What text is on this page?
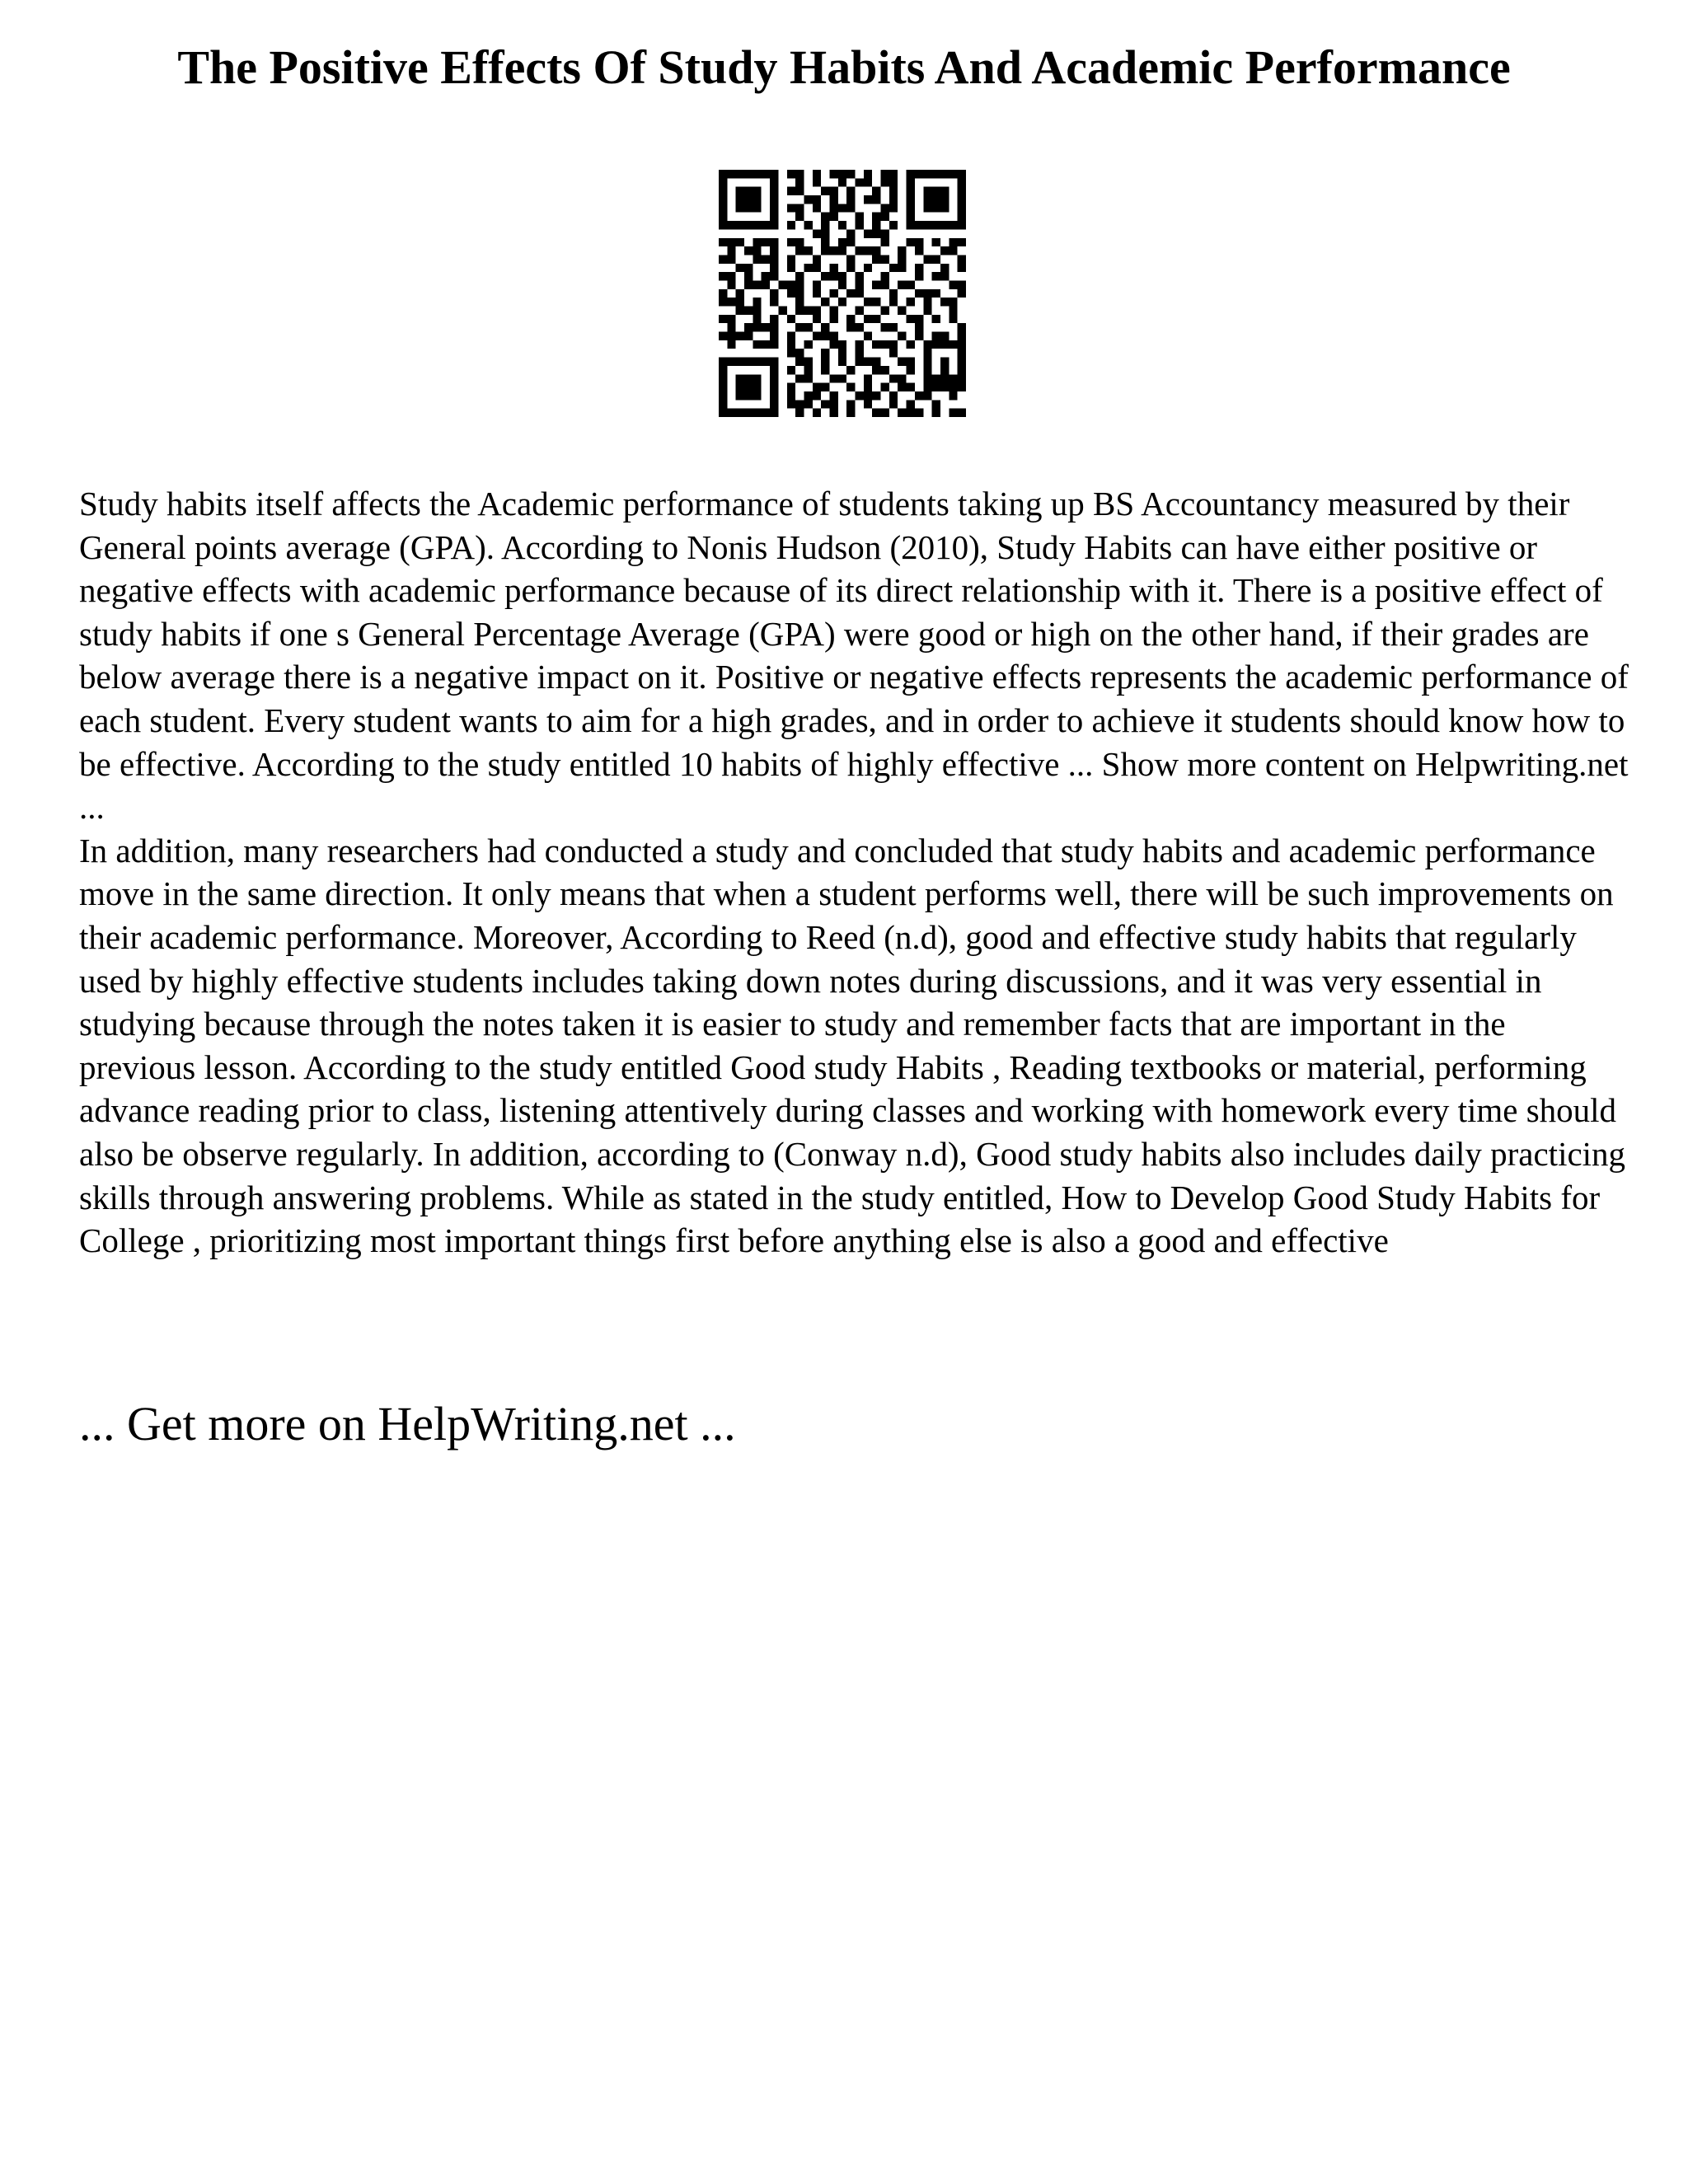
The Positive Effects Of Study Habits And Academic Performance

Study habits itself affects the Academic performance of students taking up BS Accountancy measured by their General points average (GPA). According to Nonis Hudson (2010), Study Habits can have either positive or negative effects with academic performance because of its direct relationship with it. There is a positive effect of study habits if one s General Percentage Average (GPA) were good or high on the other hand, if their grades are below average there is a negative impact on it. Positive or negative effects represents the academic performance of each student. Every student wants to aim for a high grades, and in order to achieve it students should know how to be effective. According to the study entitled 10 habits of highly effective ... Show more content on Helpwriting.net ...

In addition, many researchers had conducted a study and concluded that study habits and academic performance move in the same direction. It only means that when a student performs well, there will be such improvements on their academic performance. Moreover, According to Reed (n.d), good and effective study habits that regularly used by highly effective students includes taking down notes during discussions, and it was very essential in studying because through the notes taken it is easier to study and remember facts that are important in the previous lesson. According to the study entitled Good study Habits , Reading textbooks or material, performing advance reading prior to class, listening attentively during classes and working with homework every time should also be observe regularly. In addition, according to (Conway n.d), Good study habits also includes daily practicing skills through answering problems. While as stated in the study entitled, How to Develop Good Study Habits for College , prioritizing most important things first before anything else is also a good and effective

... Get more on HelpWriting.net ...
